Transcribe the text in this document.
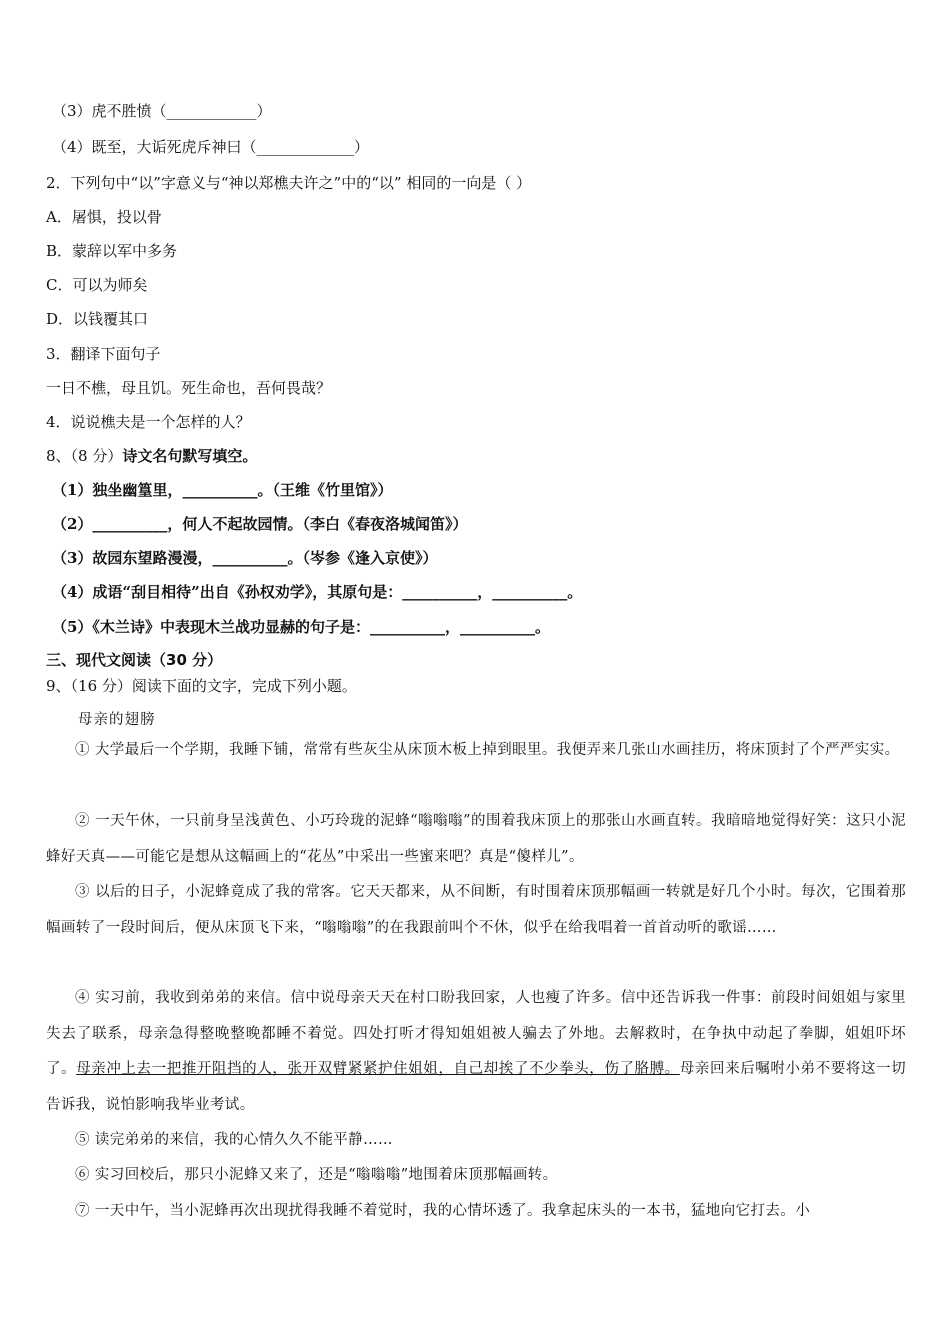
（3）虎不胜愤（____________）
（4）既至，大诟死虎斥神曰（_____________）
2．下列句中“以”字意义与“神以郑樵夫许之”中的“以” 相同的一向是（ ）
A．屠惧，投以骨
B．蒙辞以军中多务
C．可以为师矣
D．以钱覆其口
3．翻译下面句子
一日不樵，母且饥。死生命也，吾何畏哉？
4．说说樵夫是一个怎样的人？
8、（8 分）诗文名句默写填空。
（1）独坐幽篁里，__________。（王维《竹里馆》）
（2）__________，何人不起故园情。（李白《春夜洛城闻笛》）
（3）故园东望路漫漫，__________。（岑参《逢入京使》）
（4）成语“刮目相待”出自《孙权劝学》，其原句是：__________，__________。
（5）《木兰诗》中表现木兰战功显赫的句子是：__________，__________。
三、现代文阅读（30 分）
9、（16 分）阅读下面的文字，完成下列小题。
母亲的翅膀
① 大学最后一个学期，我睡下铺，常常有些灰尘从床顶木板上掉到眼里。我便弄来几张山水画挂历，将床顶封了个严严实实。
② 一天午休，一只前身呈浅黄色、小巧玲珑的泥蜂“嗡嗡嗡”的围着我床顶上的那张山水画直转。我暗暗地觉得好笑：这只小泥蜂好天真——可能它是想从这幅画上的“花丛”中采出一些蜜来吧？真是“傻样儿”。
③ 以后的日子，小泥蜂竟成了我的常客。它天天都来，从不间断，有时围着床顶那幅画一转就是好几个小时。每次，它围着那幅画转了一段时间后，便从床顶飞下来，“嗡嗡嗡”的在我跟前叫个不休，似乎在给我唱着一首首动听的歌谣……
④ 实习前，我收到弟弟的来信。信中说母亲天天在村口盼我回家，人也瘦了许多。信中还告诉我一件事：前段时间姐姐与家里失去了联系，母亲急得整晚整晚都睡不着觉。四处打听才得知姐姐被人骗去了外地。去解救时，在争执中动起了拳脚，姐姐吓坏了。母亲冲上去一把推开阻挡的人，张开双臂紧紧护住姐姐，自己却挨了不少拳头，伤了胳膊。母亲回来后嘱咐小弟不要将这一切告诉我，说怕影响我毕业考试。
⑤ 读完弟弟的来信，我的心情久久不能平静……
⑥ 实习回校后，那只小泥蜂又来了，还是“嗡嗡嗡”地围着床顶那幅画转。
⑦ 一天中午，当小泥蜂再次出现扰得我睡不着觉时，我的心情坏透了。我拿起床头的一本书，猛地向它打去。小
